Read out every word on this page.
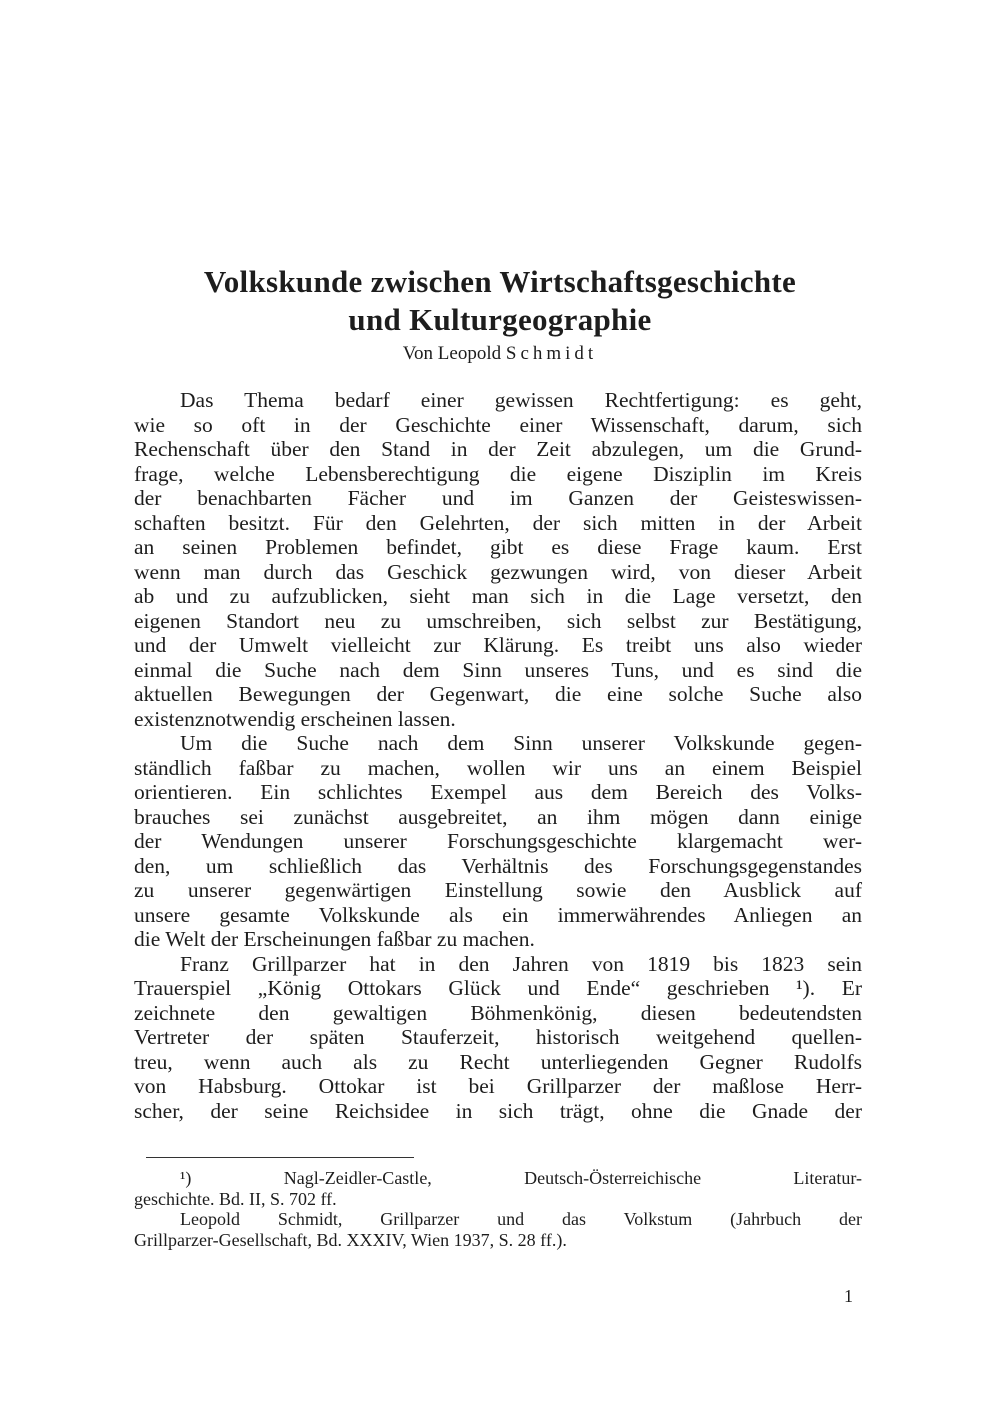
Volkskunde zwischen Wirtschaftsgeschichte
und Kulturgeographie
Von Leopold Schmidt
Das Thema bedarf einer gewissen Rechtfertigung: es geht,
wie so oft in der Geschichte einer Wissenschaft, darum, sich
Rechenschaft über den Stand in der Zeit abzulegen, um die Grund-
frage, welche Lebensberechtigung die eigene Disziplin im Kreis
der benachbarten Fächer und im Ganzen der Geisteswissen-
schaften besitzt. Für den Gelehrten, der sich mitten in der Arbeit
an seinen Problemen befindet, gibt es diese Frage kaum. Erst
wenn man durch das Geschick gezwungen wird, von dieser Arbeit
ab und zu aufzublicken, sieht man sich in die Lage versetzt, den
eigenen Standort neu zu umschreiben, sich selbst zur Bestätigung,
und der Umwelt vielleicht zur Klärung. Es treibt uns also wieder
einmal die Suche nach dem Sinn unseres Tuns, und es sind die
aktuellen Bewegungen der Gegenwart, die eine solche Suche also
existenznotwendig erscheinen lassen.
Um die Suche nach dem Sinn unserer Volkskunde gegen-
ständlich faßbar zu machen, wollen wir uns an einem Beispiel
orientieren. Ein schlichtes Exempel aus dem Bereich des Volks-
brauches sei zunächst ausgebreitet, an ihm mögen dann einige
der Wendungen unserer Forschungsgeschichte klargemacht wer-
den, um schließlich das Verhältnis des Forschungsgegenstandes
zu unserer gegenwärtigen Einstellung sowie den Ausblick auf
unsere gesamte Volkskunde als ein immerwährendes Anliegen an
die Welt der Erscheinungen faßbar zu machen.
Franz Grillparzer hat in den Jahren von 1819 bis 1823 sein
Trauerspiel „König Ottokars Glück und Ende“ geschrieben ¹). Er
zeichnete den gewaltigen Böhmenkönig, diesen bedeutendsten
Vertreter der späten Stauferzeit, historisch weitgehend quellen-
treu, wenn auch als zu Recht unterliegenden Gegner Rudolfs
von Habsburg. Ottokar ist bei Grillparzer der maßlose Herr-
scher, der seine Reichsidee in sich trägt, ohne die Gnade der
¹) Nagl-Zeidler-Castle, Deutsch-Österreichische Literatur-
geschichte. Bd. II, S. 702 ff.
Leopold Schmidt, Grillparzer und das Volkstum (Jahrbuch der
Grillparzer-Gesellschaft, Bd. XXXIV, Wien 1937, S. 28 ff.).
1
